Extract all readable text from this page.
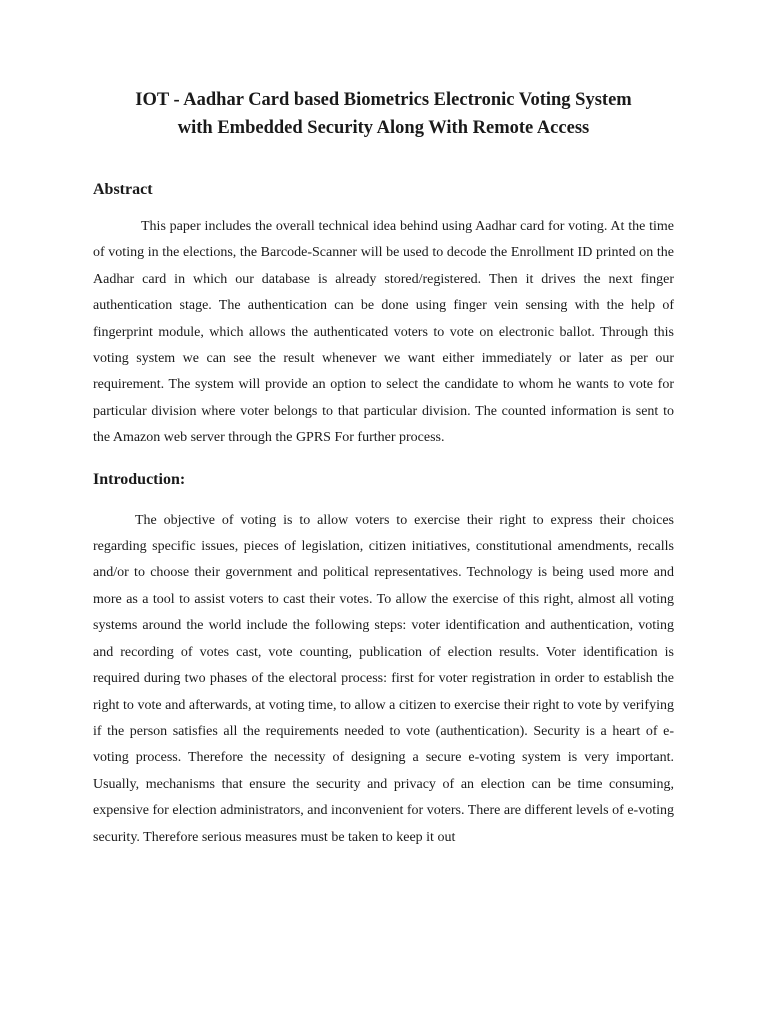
IOT - Aadhar Card based Biometrics Electronic Voting System
with Embedded Security Along With Remote Access
Abstract

This paper includes the overall technical idea behind using Aadhar card for voting. At the time of voting in the elections, the Barcode-Scanner will be used to decode the Enrollment ID printed on the Aadhar card in which our database is already stored/registered. Then it drives the next finger authentication stage. The authentication can be done using finger vein sensing with the help of fingerprint module, which allows the authenticated voters to vote on electronic ballot. Through this voting system we can see the result whenever we want either immediately or later as per our requirement. The system will provide an option to select the candidate to whom he wants to vote for particular division where voter belongs to that particular division. The counted information is sent to the Amazon web server through the GPRS For further process.

Introduction:

The objective of voting is to allow voters to exercise their right to express their choices regarding specific issues, pieces of legislation, citizen initiatives, constitutional amendments, recalls and/or to choose their government and political representatives. Technology is being used more and more as a tool to assist voters to cast their votes. To allow the exercise of this right, almost all voting systems around the world include the following steps: voter identification and authentication, voting and recording of votes cast, vote counting, publication of election results. Voter identification is required during two phases of the electoral process: first for voter registration in order to establish the right to vote and afterwards, at voting time, to allow a citizen to exercise their right to vote by verifying if the person satisfies all the requirements needed to vote (authentication). Security is a heart of e-voting process. Therefore the necessity of designing a secure e-voting system is very important. Usually, mechanisms that ensure the security and privacy of an election can be time consuming, expensive for election administrators, and inconvenient for voters. There are different levels of e-voting security. Therefore serious measures must be taken to keep it out
